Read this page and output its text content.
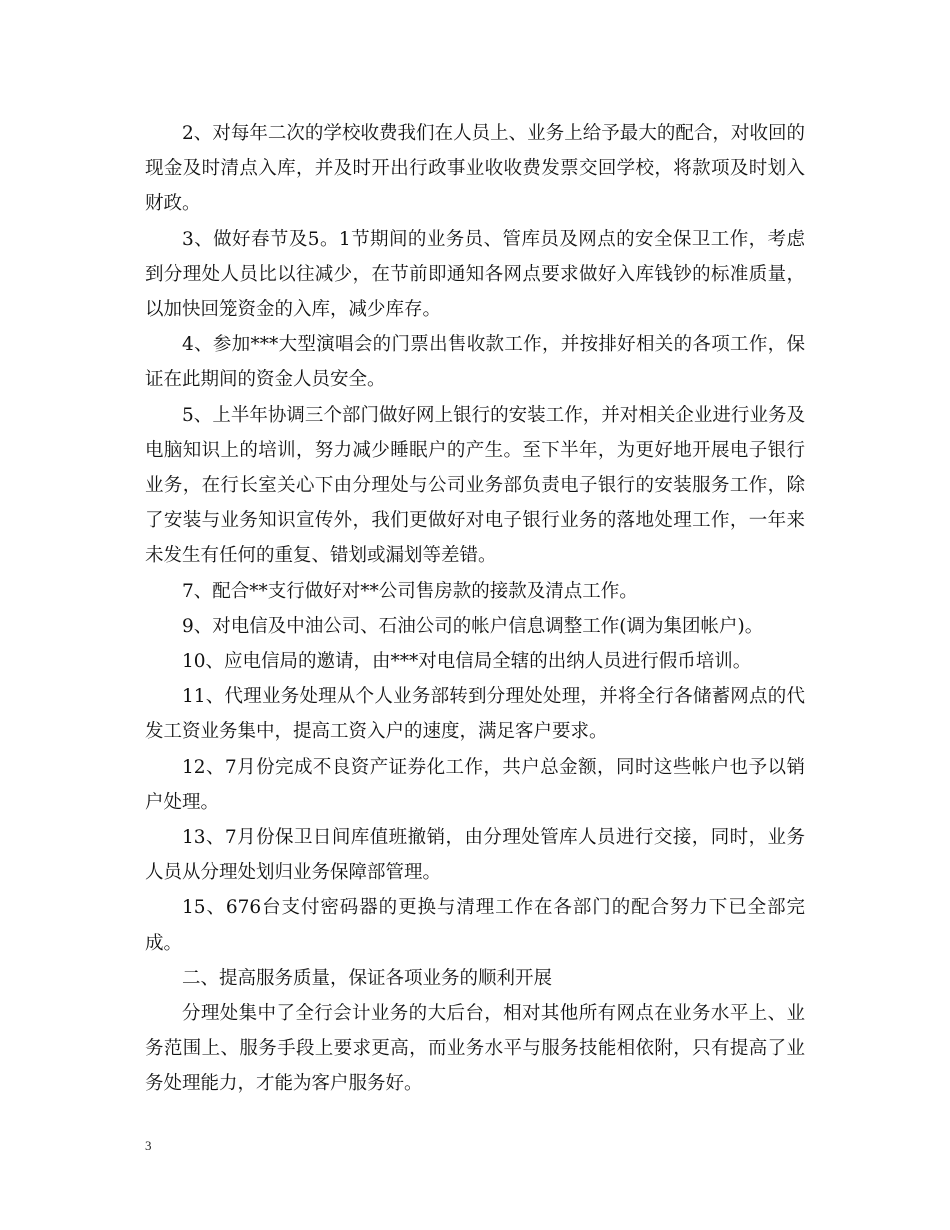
2、对每年二次的学校收费我们在人员上、业务上给予最大的配合，对收回的现金及时清点入库，并及时开出行政事业收收费发票交回学校，将款项及时划入财政。

3、做好春节及5。1节期间的业务员、管库员及网点的安全保卫工作，考虑到分理处人员比以往减少，在节前即通知各网点要求做好入库钱钞的标准质量，以加快回笼资金的入库，减少库存。

4、参加***大型演唱会的门票出售收款工作，并按排好相关的各项工作，保证在此期间的资金人员安全。

5、上半年协调三个部门做好网上银行的安装工作，并对相关企业进行业务及电脑知识上的培训，努力减少睡眠户的产生。至下半年，为更好地开展电子银行业务，在行长室关心下由分理处与公司业务部负责电子银行的安装服务工作，除了安装与业务知识宣传外，我们更做好对电子银行业务的落地处理工作，一年来未发生有任何的重复、错划或漏划等差错。

7、配合**支行做好对**公司售房款的接款及清点工作。

9、对电信及中油公司、石油公司的帐户信息调整工作(调为集团帐户)。

10、应电信局的邀请，由***对电信局全辖的出纳人员进行假币培训。

11、代理业务处理从个人业务部转到分理处处理，并将全行各储蓄网点的代发工资业务集中，提高工资入户的速度，满足客户要求。

12、7月份完成不良资产证券化工作，共户总金额，同时这些帐户也予以销户处理。

13、7月份保卫日间库值班撤销，由分理处管库人员进行交接，同时，业务人员从分理处划归业务保障部管理。

15、676台支付密码器的更换与清理工作在各部门的配合努力下已全部完成。

二、提高服务质量，保证各项业务的顺利开展

分理处集中了全行会计业务的大后台，相对其他所有网点在业务水平上、业务范围上、服务手段上要求更高，而业务水平与服务技能相依附，只有提高了业务处理能力，才能为客户服务好。

3
